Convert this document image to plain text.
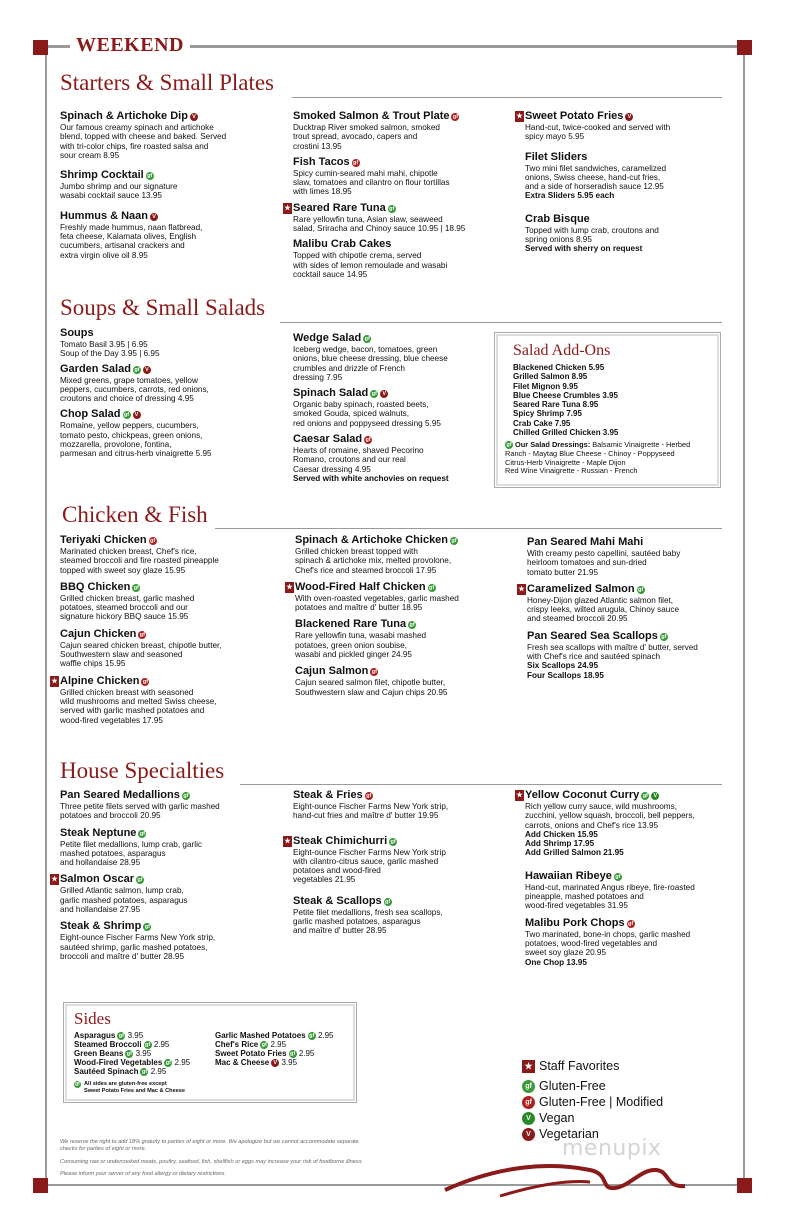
WEEKEND
Starters & Small Plates
Soups & Small Salads
Chicken & Fish
House Specialties
Spinach & Artichoke Dip V
Our famous creamy spinach and artichoke
blend, topped with cheese and baked. Served
with tri-color chips, fire roasted salsa and
sour cream 8.95
Shrimp Cocktail gf
Jumbo shrimp and our signature
wasabi cocktail sauce 13.95
Hummus & Naan V
Freshly made hummus, naan flatbread,
feta cheese, Kalamata olives, English
cucumbers, artisanal crackers and
extra virgin olive oil 8.95
Smoked Salmon & Trout Plate gf
Ducktrap River smoked salmon, smoked
trout spread, avocado, capers and
crostini 13.95
Fish Tacos gf
Spicy cumin-seared mahi mahi, chipotle
slaw, tomatoes and cilantro on flour tortillas
with limes 18.95
★ Seared Rare Tuna gf
Rare yellowfin tuna, Asian slaw, seaweed
salad, Sriracha and Chinoy sauce 10.95 | 18.95
Malibu Crab Cakes
Topped with chipotle crema, served
with sides of lemon remoulade and wasabi
cocktail sauce 14.95
★ Sweet Potato Fries V
Hand-cut, twice-cooked and served with
spicy mayo 5.95
Filet Sliders
Two mini filet sandwiches, caramelized
onions, Swiss cheese, hand-cut fries,
and a side of horseradish sauce 12.95
Extra Sliders 5.95 each
Crab Bisque
Topped with lump crab, croutons and
spring onions 8.95
Served with sherry on request
Soups
Tomato Basil 3.95 | 6.95
Soup of the Day 3.95 | 6.95
Garden Salad gf V
Mixed greens, grape tomatoes, yellow
peppers, cucumbers, carrots, red onions,
croutons and choice of dressing 4.95
Chop Salad gf V
Romaine, yellow peppers, cucumbers,
tomato pesto, chickpeas, green onions,
mozzarella, provolone, fontina,
parmesan and citrus-herb vinaigrette 5.95
Wedge Salad gf
Iceberg wedge, bacon, tomatoes, green
onions, blue cheese dressing, blue cheese
crumbles and drizzle of French
dressing 7.95
Spinach Salad gf V
Organic baby spinach, roasted beets,
smoked Gouda, spiced walnuts,
red onions and poppyseed dressing 5.95
Caesar Salad gf
Hearts of romaine, shaved Pecorino
Romano, croutons and our real
Caesar dressing 4.95
Served with white anchovies on request
Salad Add-Ons
Blackened Chicken 5.95
Grilled Salmon 8.95
Filet Mignon 9.95
Blue Cheese Crumbles 3.95
Seared Rare Tuna 8.95
Spicy Shrimp 7.95
Crab Cake 7.95
Chilled Grilled Chicken 3.95
gf Our Salad Dressings: Balsamic Vinaigrette - Herbed
Ranch - Maytag Blue Cheese - Chinoy - Poppyseed
Citrus-Herb Vinaigrette - Maple Dijon
Red Wine Vinaigrette - Russian - French
Teriyaki Chicken gf
Marinated chicken breast, Chef's rice,
steamed broccoli and fire roasted pineapple
topped with sweet soy glaze 15.95
BBQ Chicken gf
Grilled chicken breast, garlic mashed
potatoes, steamed broccoli and our
signature hickory BBQ sauce 15.95
Cajun Chicken gf
Cajun seared chicken breast, chipotle butter,
Southwestern slaw and seasoned
waffle chips 15.95
★ Alpine Chicken gf
Grilled chicken breast with seasoned
wild mushrooms and melted Swiss cheese,
served with garlic mashed potatoes and
wood-fired vegetables 17.95
Spinach & Artichoke Chicken gf
Grilled chicken breast topped with
spinach & artichoke mix, melted provolone,
Chef's rice and steamed broccoli 17.95
★ Wood-Fired Half Chicken gf
With oven-roasted vegetables, garlic mashed
potatoes and maître d' butter 18.95
Blackened Rare Tuna gf
Rare yellowfin tuna, wasabi mashed
potatoes, green onion soubise,
wasabi and pickled ginger 24.95
Cajun Salmon gf
Cajun seared salmon filet, chipotle butter,
Southwestern slaw and Cajun chips 20.95
Pan Seared Mahi Mahi
With creamy pesto capellini, sautéed baby
heirloom tomatoes and sun-dried
tomato butter 21.95
★ Caramelized Salmon gf
Honey-Dijon glazed Atlantic salmon filet,
crispy leeks, wilted arugula, Chinoy sauce
and steamed broccoli 20.95
Pan Seared Sea Scallops gf
Fresh sea scallops with maître d' butter, served
with Chef's rice and sautéed spinach
Six Scallops 24.95
Four Scallops 18.95
Pan Seared Medallions gf
Three petite filets served with garlic mashed
potatoes and broccoli 20.95
Steak Neptune gf
Petite filet medallions, lump crab, garlic
mashed potatoes, asparagus
and hollandaise 28.95
★ Salmon Oscar gf
Grilled Atlantic salmon, lump crab,
garlic mashed potatoes, asparagus
and hollandaise 27.95
Steak & Shrimp gf
Eight-ounce Fischer Farms New York strip,
sautéed shrimp, garlic mashed potatoes,
broccoli and maître d' butter 28.95
Steak & Fries gf
Eight-ounce Fischer Farms New York strip,
hand-cut fries and maître d' butter 19.95
★ Steak Chimichurri gf
Eight-ounce Fischer Farms New York strip
with cilantro-citrus sauce, garlic mashed
potatoes and wood-fired
vegetables 21.95
Steak & Scallops gf
Petite filet medallions, fresh sea scallops,
garlic mashed potatoes, asparagus
and maître d' butter 28.95
★ Yellow Coconut Curry gf V
Rich yellow curry sauce, wild mushrooms,
zucchini, yellow squash, broccoli, bell peppers,
carrots, onions and Chef's rice 13.95
Add Chicken 15.95
Add Shrimp 17.95
Add Grilled Salmon 21.95
Hawaiian Ribeye gf
Hand-cut, marinated Angus ribeye, fire-roasted
pineapple, mashed potatoes and
wood-fired vegetables 31.95
Malibu Pork Chops gf
Two marinated, bone-in chops, garlic mashed
potatoes, wood-fired vegetables and
sweet soy glaze 20.95
One Chop 13.95
Sides
Asparagus gf 3.95
Steamed Broccoli gf 2.95
Green Beans gf 3.95
Wood-Fired Vegetables gf 2.95
Sautéed Spinach gf 2.95
Garlic Mashed Potatoes gf 2.95
Chef's Rice gf 2.95
Sweet Potato Fries gf 2.95
Mac & Cheese V 3.95
gf All sides are gluten-free except
Sweet Potato Fries and Mac & Cheese
★ Staff Favorites
gf Gluten-Free
gf Gluten-Free | Modified
V Vegan
V Vegetarian
We reserve the right to add 18% gratuity to parties of eight or more. We apologize but we cannot accommodate separate
checks for parties of eight or more.
Consuming raw or undercooked meats, poultry, seafood, fish, shellfish or eggs may increase your risk of foodborne illness.
Please inform your server of any food allergy or dietary restrictions.
menupix
